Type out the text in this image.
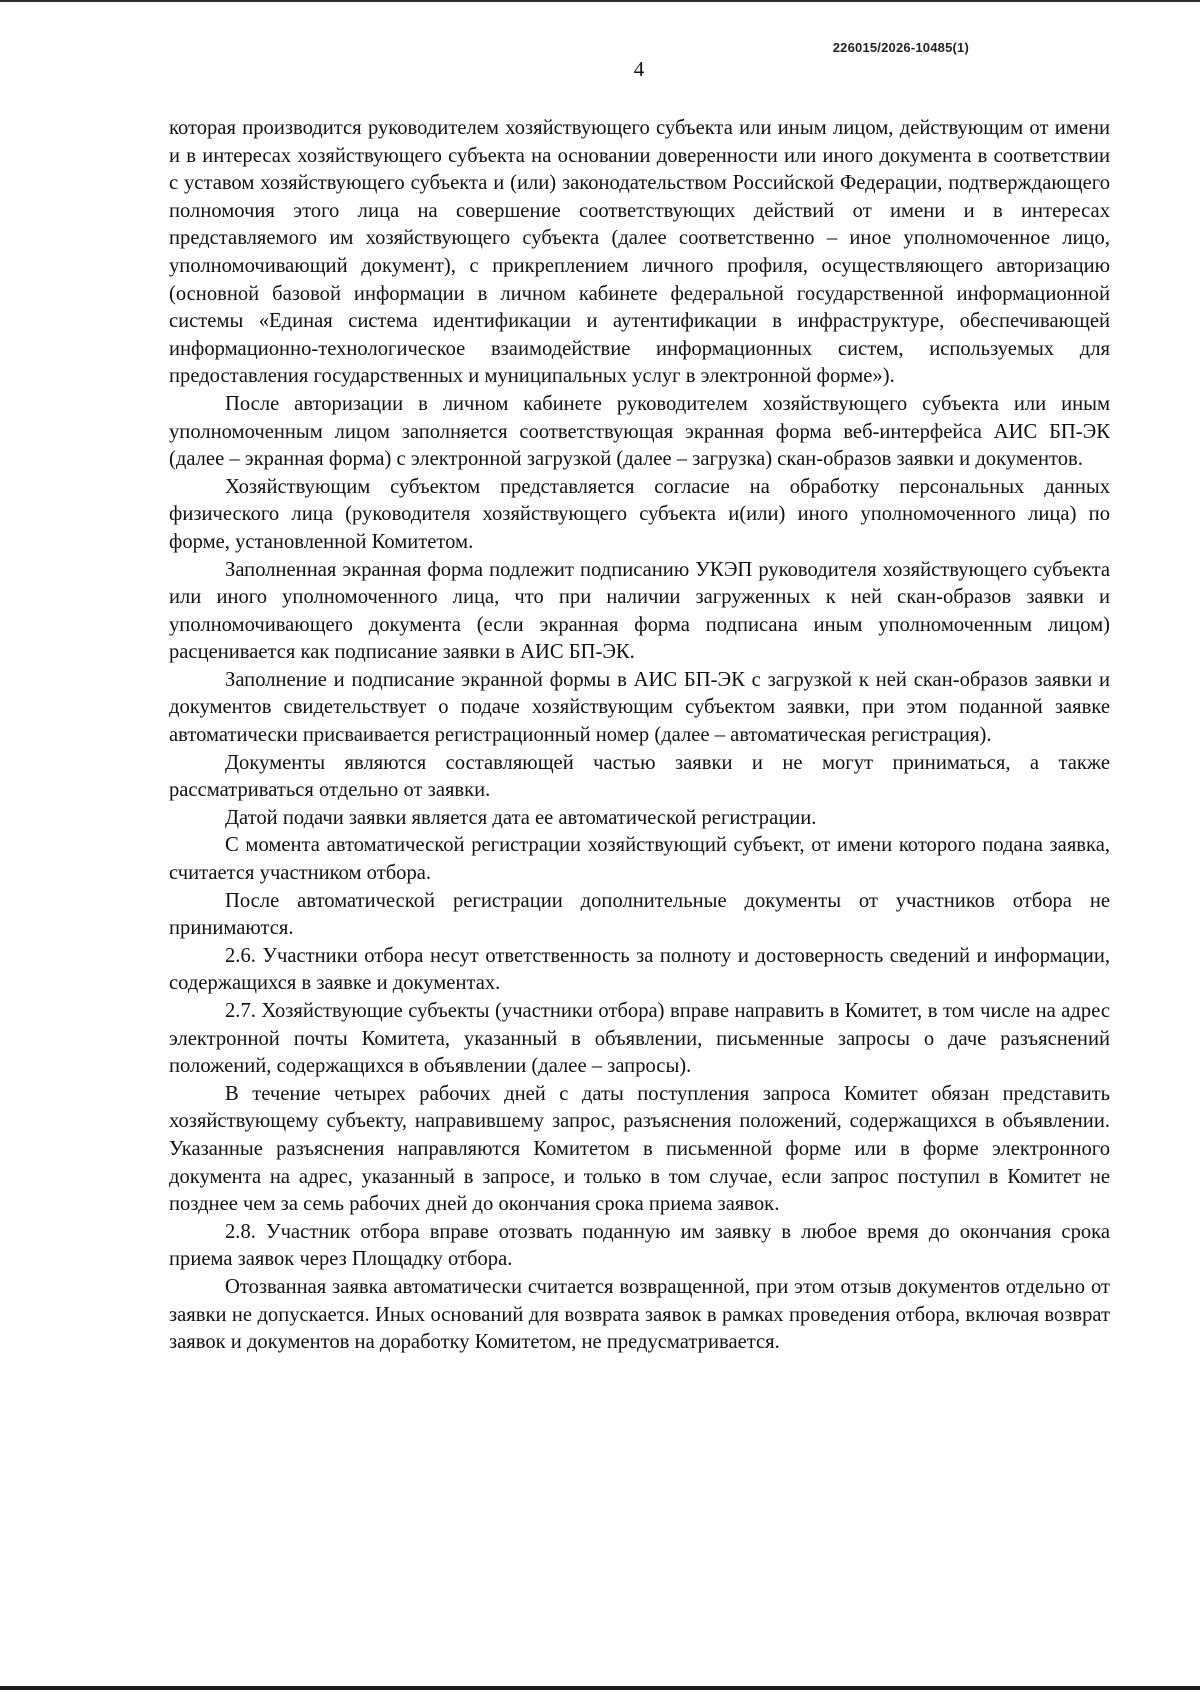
226015/2026-10485(1)
4

которая производится руководителем хозяйствующего субъекта или иным лицом, действующим от имени и в интересах хозяйствующего субъекта на основании доверенности или иного документа в соответствии с уставом хозяйствующего субъекта и (или) законодательством Российской Федерации, подтверждающего полномочия этого лица на совершение соответствующих действий от имени и в интересах представляемого им хозяйствующего субъекта (далее соответственно – иное уполномоченное лицо, уполномочивающий документ), с прикреплением личного профиля, осуществляющего авторизацию (основной базовой информации в личном кабинете федеральной государственной информационной системы «Единая система идентификации и аутентификации в инфраструктуре, обеспечивающей информационно-технологическое взаимодействие информационных систем, используемых для предоставления государственных и муниципальных услуг в электронной форме»).

После авторизации в личном кабинете руководителем хозяйствующего субъекта или иным уполномоченным лицом заполняется соответствующая экранная форма веб-интерфейса АИС БП-ЭК (далее – экранная форма) с электронной загрузкой (далее – загрузка) скан-образов заявки и документов.

Хозяйствующим субъектом представляется согласие на обработку персональных данных физического лица (руководителя хозяйствующего субъекта и(или) иного уполномоченного лица) по форме, установленной Комитетом.

Заполненная экранная форма подлежит подписанию УКЭП руководителя хозяйствующего субъекта или иного уполномоченного лица, что при наличии загруженных к ней скан-образов заявки и уполномочивающего документа (если экранная форма подписана иным уполномоченным лицом) расценивается как подписание заявки в АИС БП-ЭК.

Заполнение и подписание экранной формы в АИС БП-ЭК с загрузкой к ней скан-образов заявки и документов свидетельствует о подаче хозяйствующим субъектом заявки, при этом поданной заявке автоматически присваивается регистрационный номер (далее – автоматическая регистрация).

Документы являются составляющей частью заявки и не могут приниматься, а также рассматриваться отдельно от заявки.

Датой подачи заявки является дата ее автоматической регистрации.

С момента автоматической регистрации хозяйствующий субъект, от имени которого подана заявка, считается участником отбора.

После автоматической регистрации дополнительные документы от участников отбора не принимаются.

2.6. Участники отбора несут ответственность за полноту и достоверность сведений и информации, содержащихся в заявке и документах.

2.7. Хозяйствующие субъекты (участники отбора) вправе направить в Комитет, в том числе на адрес электронной почты Комитета, указанный в объявлении, письменные запросы о даче разъяснений положений, содержащихся в объявлении (далее – запросы).

В течение четырех рабочих дней с даты поступления запроса Комитет обязан представить хозяйствующему субъекту, направившему запрос, разъяснения положений, содержащихся в объявлении. Указанные разъяснения направляются Комитетом в письменной форме или в форме электронного документа на адрес, указанный в запросе, и только в том случае, если запрос поступил в Комитет не позднее чем за семь рабочих дней до окончания срока приема заявок.

2.8. Участник отбора вправе отозвать поданную им заявку в любое время до окончания срока приема заявок через Площадку отбора.

Отозванная заявка автоматически считается возвращенной, при этом отзыв документов отдельно от заявки не допускается. Иных оснований для возврата заявок в рамках проведения отбора, включая возврат заявок и документов на доработку Комитетом, не предусматривается.
